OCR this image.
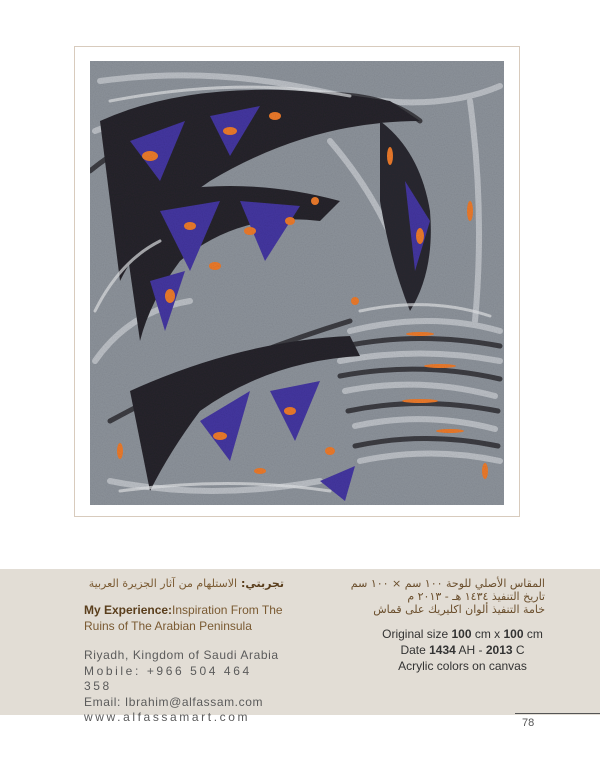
تجربتي: الاستلهام من آثار الجزيرة العربية
My Experience:Inspiration From The
Ruins of The Arabian Peninsula
Riyadh, Kingdom of Saudi Arabia
Mobile: +966 504 464 358
Email: Ibrahim@alfassam.com
www.alfassamart.com
المقاس الأصلي للوحة ١٠٠ سم × ١٠٠ سم
تاريخ التنفيذ ١٤٣٤ هـ - ٢٠١٣ م
خامة التنفيذ ألوان اكليريك على قماش
Original size 100 cm x 100 cm
Date 1434 AH - 2013 C
Acrylic colors on canvas
78
